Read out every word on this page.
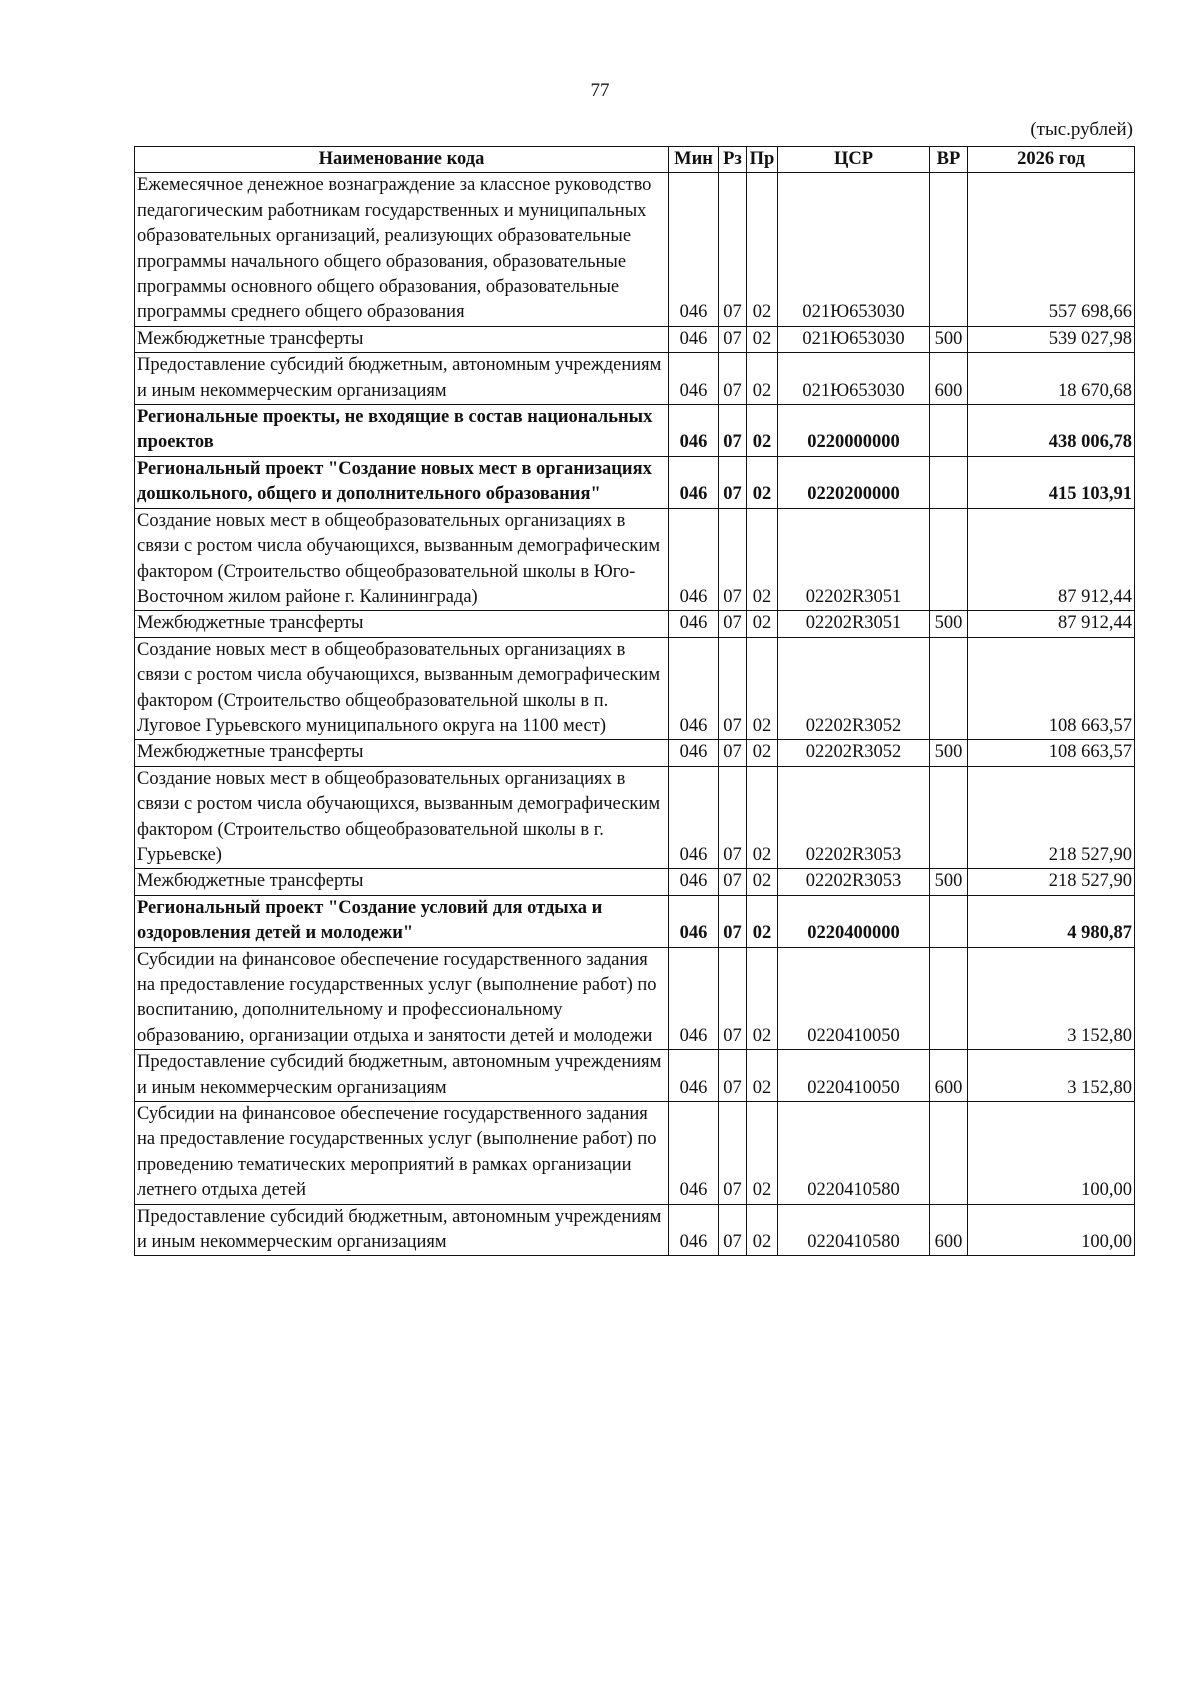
77
(тыс.рублей)
Наименование кода	Мин	Рз	Пр	ЦСР	ВР	2026 год
Ежемесячное денежное вознаграждение за классное руководство педагогическим работникам государственных и муниципальных образовательных организаций, реализующих образовательные программы начального общего образования, образовательные программы основного общего образования, образовательные программы среднего общего образования	046	07	02	021Ю653030		557 698,66
Межбюджетные трансферты	046	07	02	021Ю653030	500	539 027,98
Предоставление субсидий бюджетным, автономным учреждениям и иным некоммерческим организациям	046	07	02	021Ю653030	600	18 670,68
Региональные проекты, не входящие в состав национальных проектов	046	07	02	0220000000		438 006,78
Региональный проект "Создание новых мест в организациях дошкольного, общего и дополнительного образования"	046	07	02	0220200000		415 103,91
Создание новых мест в общеобразовательных организациях в связи с ростом числа обучающихся, вызванным демографическим фактором (Строительство общеобразовательной школы в Юго-Восточном жилом районе г. Калининграда)	046	07	02	02202R3051		87 912,44
Межбюджетные трансферты	046	07	02	02202R3051	500	87 912,44
Создание новых мест в общеобразовательных организациях в связи с ростом числа обучающихся, вызванным демографическим фактором (Строительство общеобразовательной школы в п. Луговое Гурьевского муниципального округа на 1100 мест)	046	07	02	02202R3052		108 663,57
Межбюджетные трансферты	046	07	02	02202R3052	500	108 663,57
Создание новых мест в общеобразовательных организациях в связи с ростом числа обучающихся, вызванным демографическим фактором (Строительство общеобразовательной школы в г. Гурьевске)	046	07	02	02202R3053		218 527,90
Межбюджетные трансферты	046	07	02	02202R3053	500	218 527,90
Региональный проект "Создание условий для отдыха и оздоровления детей и молодежи"	046	07	02	0220400000		4 980,87
Субсидии на финансовое обеспечение государственного задания на предоставление государственных услуг (выполнение работ) по воспитанию, дополнительному и профессиональному образованию, организации отдыха и занятости детей и молодежи	046	07	02	0220410050		3 152,80
Предоставление субсидий бюджетным, автономным учреждениям и иным некоммерческим организациям	046	07	02	0220410050	600	3 152,80
Субсидии на финансовое обеспечение государственного задания на предоставление государственных услуг (выполнение работ) по проведению тематических мероприятий в рамках организации летнего отдыха детей	046	07	02	0220410580		100,00
Предоставление субсидий бюджетным, автономным учреждениям и иным некоммерческим организациям	046	07	02	0220410580	600	100,00
